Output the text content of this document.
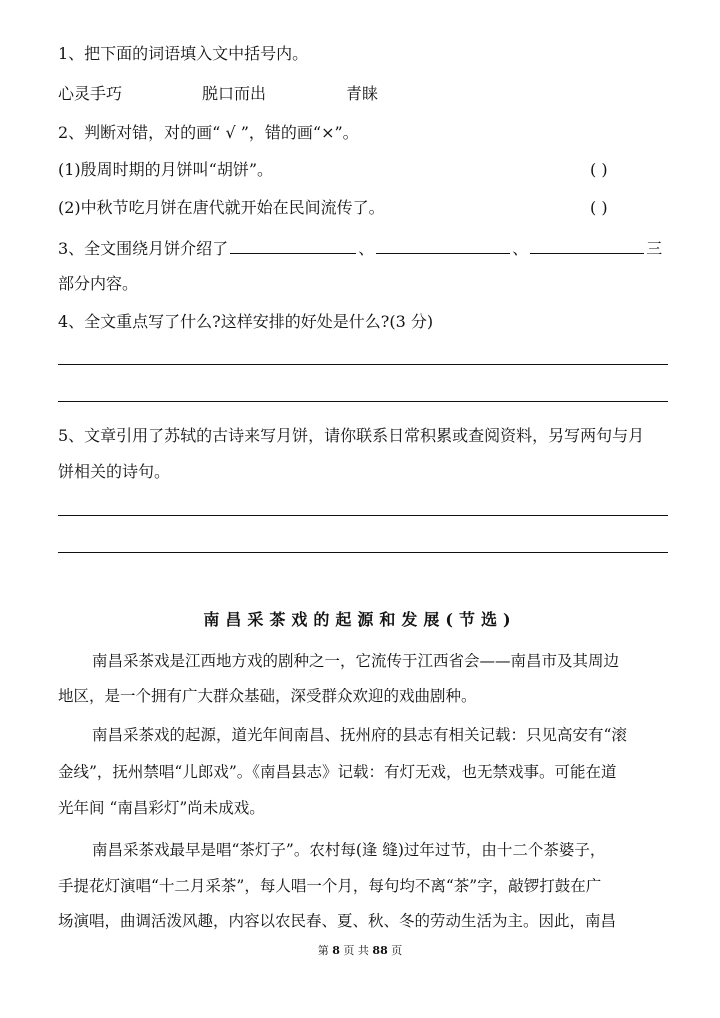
1、把下面的词语填入文中括号内。
心灵手巧	脱口而出	青睐
2、判断对错，对的画“ √ ”，错的画“×”。
(1)殷周时期的月饼叫“胡饼”。	( )
(2)中秋节吃月饼在唐代就开始在民间流传了。	( )
3、全文围绕月饼介绍了	、	、	三
部分内容。
4、全文重点写了什么?这样安排的好处是什么?(3 分)
5、文章引用了苏轼的古诗来写月饼，请你联系日常积累或查阅资料，另写两句与月
饼相关的诗句。
南昌采茶戏的起源和发展(节选)
南昌采茶戏是江西地方戏的剧种之一，它流传于江西省会——南昌市及其周边
地区，是一个拥有广大群众基础，深受群众欢迎的戏曲剧种。
南昌采茶戏的起源，道光年间南昌、抚州府的县志有相关记载：只见高安有“滚
金线”，抚州禁唱“儿郎戏”。《南昌县志》记载：有灯无戏，也无禁戏事。可能在道
光年间 “南昌彩灯”尚未成戏。
南昌采茶戏最早是唱“茶灯子”。农村每(逢 缝)过年过节，由十二个茶婆子，
手提花灯演唱“十二月采茶”，每人唱一个月，每句均不离“茶”字，敲锣打鼓在广
场演唱，曲调活泼风趣，内容以农民春、夏、秋、冬的劳动生活为主。因此，南昌
第 8 页 共 88 页
